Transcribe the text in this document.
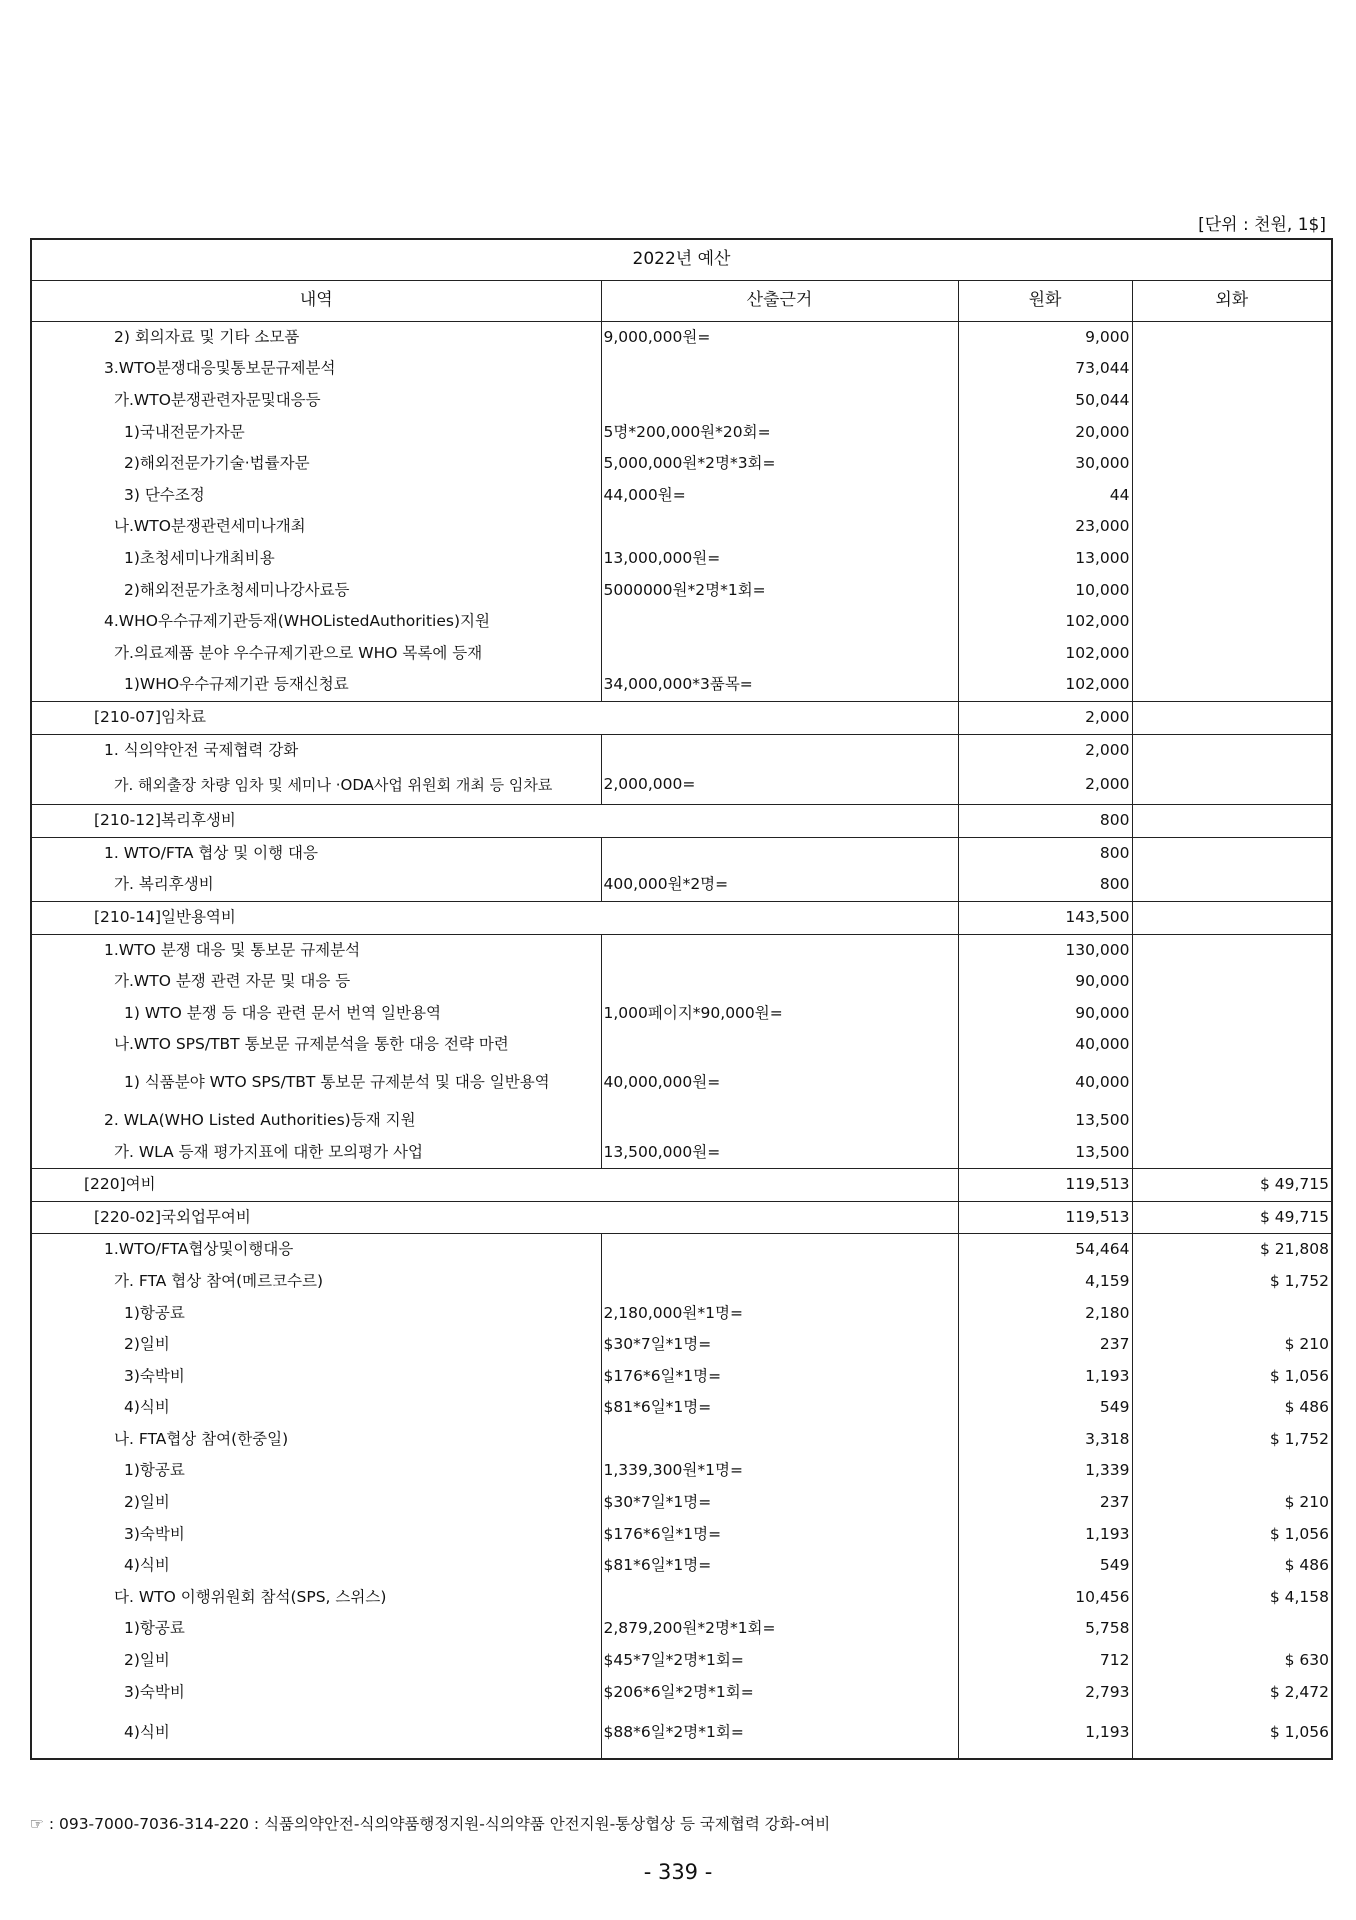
[단위 : 천원, 1$]
2022년 예산			
내역	산출근거	원화	외화
2) 회의자료 및 기타 소모품	9,000,000원=	9,000	
3.WTO분쟁대응및통보문규제분석		73,044	
가.WTO분쟁관련자문및대응등		50,044	
1)국내전문가자문	5명*200,000원*20회=	20,000	
2)해외전문가기술·법률자문	5,000,000원*2명*3회=	30,000	
3) 단수조정	44,000원=	44	
나.WTO분쟁관련세미나개최		23,000	
1)초청세미나개최비용	13,000,000원=	13,000	
2)해외전문가초청세미나강사료등	5000000원*2명*1회=	10,000	
4.WHO우수규제기관등재(WHOListedAuthorities)지원		102,000	
가.의료제품 분야 우수규제기관으로 WHO 목록에 등재		102,000	
1)WHO우수규제기관 등재신청료	34,000,000*3품목=	102,000	
[210-07]임차료		2,000	
1. 식의약안전 국제협력 강화		2,000	
가. 해외출장 차량 임차 및 세미나 ·ODA사업 위원회 개최 등 임차료	2,000,000=	2,000	
[210-12]복리후생비		800	
1. WTO/FTA 협상 및 이행 대응		800	
가. 복리후생비	400,000원*2명=	800	
[210-14]일반용역비		143,500	
1.WTO 분쟁 대응 및 통보문 규제분석		130,000	
가.WTO 분쟁 관련 자문 및 대응 등		90,000	
1) WTO 분쟁 등 대응 관련 문서 번역 일반용역	1,000페이지*90,000원=	90,000	
나.WTO SPS/TBT 통보문 규제분석을 통한 대응 전략 마련		40,000	
1) 식품분야 WTO SPS/TBT 통보문 규제분석 및 대응 일반용역	40,000,000원=	40,000	
2. WLA(WHO Listed Authorities)등재 지원		13,500	
가. WLA 등재 평가지표에 대한 모의평가 사업	13,500,000원=	13,500	
[220]여비		119,513	$ 49,715
[220-02]국외업무여비		119,513	$ 49,715
1.WTO/FTA협상및이행대응		54,464	$ 21,808
가. FTA 협상 참여(메르코수르)		4,159	$ 1,752
1)항공료	2,180,000원*1명=	2,180	
2)일비	$30*7일*1명=	237	$ 210
3)숙박비	$176*6일*1명=	1,193	$ 1,056
4)식비	$81*6일*1명=	549	$ 486
나. FTA협상 참여(한중일)		3,318	$ 1,752
1)항공료	1,339,300원*1명=	1,339	
2)일비	$30*7일*1명=	237	$ 210
3)숙박비	$176*6일*1명=	1,193	$ 1,056
4)식비	$81*6일*1명=	549	$ 486
다. WTO 이행위원회 참석(SPS, 스위스)		10,456	$ 4,158
1)항공료	2,879,200원*2명*1회=	5,758	
2)일비	$45*7일*2명*1회=	712	$ 630
3)숙박비	$206*6일*2명*1회=	2,793	$ 2,472
4)식비	$88*6일*2명*1회=	1,193	$ 1,056
☞ : 093-7000-7036-314-220 : 식품의약안전-식의약품행정지원-식의약품 안전지원-통상협상 등 국제협력 강화-여비
- 339 -
